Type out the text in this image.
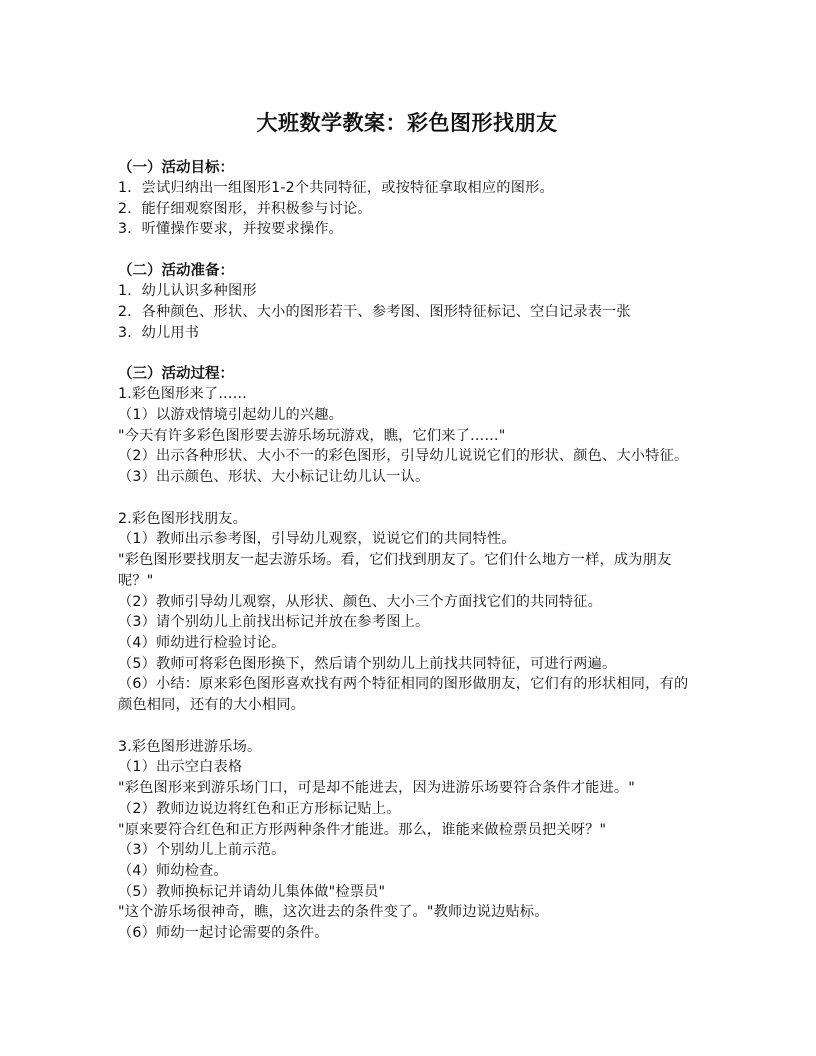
大班数学教案：彩色图形找朋友

（一）活动目标：

1．尝试归纳出一组图形1-2个共同特征，或按特征拿取相应的图形。

2．能仔细观察图形，并积极参与讨论。

3．听懂操作要求，并按要求操作。

（二）活动准备：

1．幼儿认识多种图形

2．各种颜色、形状、大小的图形若干、参考图、图形特征标记、空白记录表一张

3．幼儿用书

（三）活动过程：

1.彩色图形来了……

（1）以游戏情境引起幼儿的兴趣。

"今天有许多彩色图形要去游乐场玩游戏，瞧，它们来了……"

（2）出示各种形状、大小不一的彩色图形，引导幼儿说说它们的形状、颜色、大小特征。

（3）出示颜色、形状、大小标记让幼儿认一认。

2.彩色图形找朋友。

（1）教师出示参考图，引导幼儿观察，说说它们的共同特性。

"彩色图形要找朋友一起去游乐场。看，它们找到朋友了。它们什么地方一样，成为朋友呢？"

（2）教师引导幼儿观察，从形状、颜色、大小三个方面找它们的共同特征。

（3）请个别幼儿上前找出标记并放在参考图上。

（4）师幼进行检验讨论。

（5）教师可将彩色图形换下，然后请个别幼儿上前找共同特征，可进行两遍。

（6）小结：原来彩色图形喜欢找有两个特征相同的图形做朋友，它们有的形状相同，有的颜色相同，还有的大小相同。

3.彩色图形进游乐场。

（1）出示空白表格

"彩色图形来到游乐场门口，可是却不能进去，因为进游乐场要符合条件才能进。"

（2）教师边说边将红色和正方形标记贴上。

"原来要符合红色和正方形两种条件才能进。那么，谁能来做检票员把关呀？"

（3）个别幼儿上前示范。

（4）师幼检查。

（5）教师换标记并请幼儿集体做"检票员"

"这个游乐场很神奇，瞧，这次进去的条件变了。"教师边说边贴标。

（6）师幼一起讨论需要的条件。
